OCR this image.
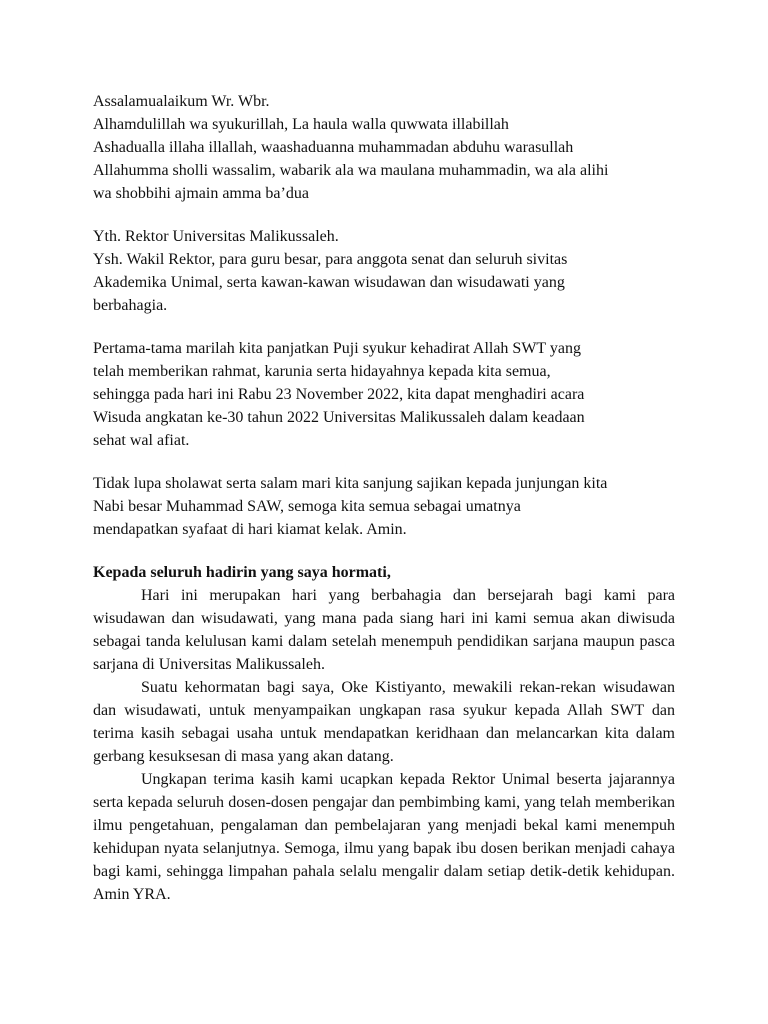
Assalamualaikum Wr. Wbr.
Alhamdulillah wa syukurillah, La haula walla quwwata illabillah
Ashadualla illaha illallah, waashaduanna muhammadan abduhu warasullah
Allahumma sholli wassalim, wabarik ala wa maulana muhammadin, wa ala alihi
wa shobbihi ajmain amma ba’dua
Yth. Rektor Universitas Malikussaleh.
Ysh. Wakil Rektor, para guru besar, para anggota senat dan seluruh sivitas
Akademika Unimal, serta kawan-kawan wisudawan dan wisudawati yang
berbahagia.
Pertama-tama marilah kita panjatkan Puji syukur kehadirat Allah SWT yang
telah memberikan rahmat, karunia serta hidayahnya kepada kita semua,
sehingga pada hari ini Rabu 23 November 2022, kita dapat menghadiri acara
Wisuda angkatan ke-30 tahun 2022 Universitas Malikussaleh dalam keadaan
sehat wal afiat.
Tidak lupa sholawat serta salam mari kita sanjung sajikan kepada junjungan kita
Nabi besar Muhammad SAW, semoga kita semua sebagai umatnya
mendapatkan syafaat di hari kiamat kelak. Amin.

Kepada seluruh hadirin yang saya hormati,

Hari ini merupakan hari yang berbahagia dan bersejarah bagi kami para wisudawan dan wisudawati, yang mana pada siang hari ini kami semua akan diwisuda sebagai tanda kelulusan kami dalam setelah menempuh pendidikan sarjana maupun pasca sarjana di Universitas Malikussaleh.

Suatu kehormatan bagi saya, Oke Kistiyanto, mewakili rekan-rekan wisudawan dan wisudawati, untuk menyampaikan ungkapan rasa syukur kepada Allah SWT dan terima kasih sebagai usaha untuk mendapatkan keridhaan dan melancarkan kita dalam gerbang kesuksesan di masa yang akan datang.

Ungkapan terima kasih kami ucapkan kepada Rektor Unimal beserta jajarannya serta kepada seluruh dosen-dosen pengajar dan pembimbing kami, yang telah memberikan ilmu pengetahuan, pengalaman dan pembelajaran yang menjadi bekal kami menempuh kehidupan nyata selanjutnya. Semoga, ilmu yang bapak ibu dosen berikan menjadi cahaya bagi kami, sehingga limpahan pahala selalu mengalir dalam setiap detik-detik kehidupan. Amin YRA.
